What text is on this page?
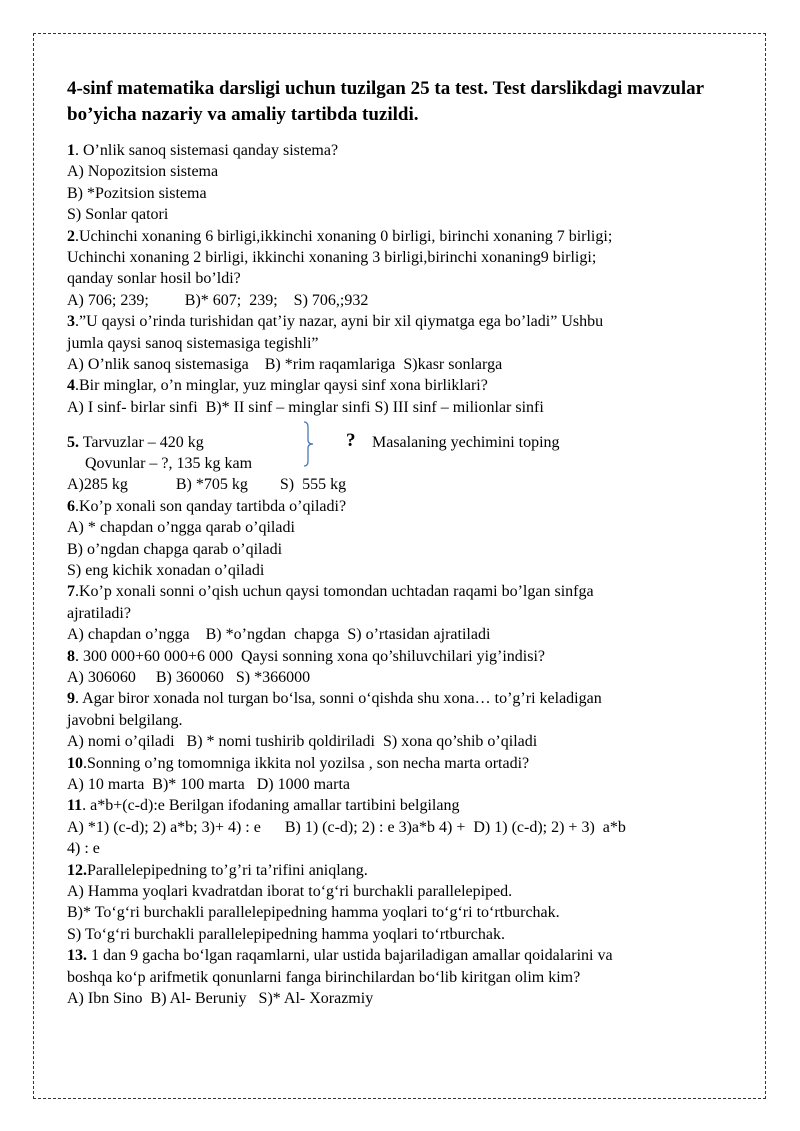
4-sinf matematika darsligi uchun tuzilgan 25 ta test. Test darslikdagi mavzular bo’yicha nazariy va amaliy tartibda tuzildi.
1. O’nlik sanoq sistemasi qanday sistema?
A) Nopozitsion sistema
B) *Pozitsion sistema
S) Sonlar qatori
2.Uchinchi xonaning 6 birligi,ikkinchi xonaning 0 birligi, birinchi xonaning 7 birligi;
Uchinchi xonaning 2 birligi, ikkinchi xonaning 3 birligi,birinchi xonaning9 birligi;
qanday sonlar hosil bo’ldi?
A) 706; 239;         B)* 607;  239;    S) 706,;932
3.”U qaysi o’rinda turishidan qat’iy nazar, ayni bir xil qiymatga ega bo’ladi” Ushbu
jumla qaysi sanoq sistemasiga tegishli”
A) O’nlik sanoq sistemasiga    B) *rim raqamlariga  S)kasr sonlarga
4.Bir minglar, o’n minglar, yuz minglar qaysi sinf xona birliklari?
A) I sinf- birlar sinfi  B)* II sinf – minglar sinfi S) III sinf – milionlar sinfi
5. Tarvuzlar – 420 kg
Qovunlar – ?, 135 kg kam
? Masalaning yechimini toping
A)285 kg            B) *705 kg        S)  555 kg
6.Ko’p xonali son qanday tartibda o’qiladi?
A) * chapdan o’ngga qarab o’qiladi
B) o’ngdan chapga qarab o’qiladi
S) eng kichik xonadan o’qiladi
7.Ko’p xonali sonni o’qish uchun qaysi tomondan uchtadan raqami bo’lgan sinfga
ajratiladi?
A) chapdan o’ngga    B) *o’ngdan  chapga  S) o’rtasidan ajratiladi
8. 300 000+60 000+6 000  Qaysi sonning xona qo’shiluvchilari yig’indisi?
A) 306060     B) 360060   S) *366000
9. Agar biror xonada nol turgan bo‘lsa, sonni o‘qishda shu xona… to’g’ri keladigan
javobni belgilang.
A) nomi o’qiladi   B) * nomi tushirib qoldiriladi  S) xona qo’shib o’qiladi
10.Sonning o’ng tomomniga ikkita nol yozilsa , son necha marta ortadi?
A) 10 marta  B)* 100 marta   D) 1000 marta
11. a*b+(c-d):e Berilgan ifodaning amallar tartibini belgilang
A) *1) (c-d); 2) a*b; 3)+ 4) : e      B) 1) (c-d); 2) : e 3)a*b 4) +  D) 1) (c-d); 2) + 3)  a*b
4) : e
12.Parallelepipedning to’g’ri ta’rifini aniqlang.
A) Hamma yoqlari kvadratdan iborat to‘g‘ri burchakli parallelepiped.
B)* To‘g‘ri burchakli parallelepipedning hamma yoqlari to‘g‘ri to‘rtburchak.
S) To‘g‘ri burchakli parallelepipedning hamma yoqlari to‘rtburchak.
13. 1 dan 9 gacha bo‘lgan raqamlarni, ular ustida bajariladigan amallar qoidalarini va
boshqa ko‘p arifmetik qonunlarni fanga birinchilardan bo‘lib kiritgan olim kim?
A) Ibn Sino  B) Al- Beruniy   S)* Al- Xorazmiy
